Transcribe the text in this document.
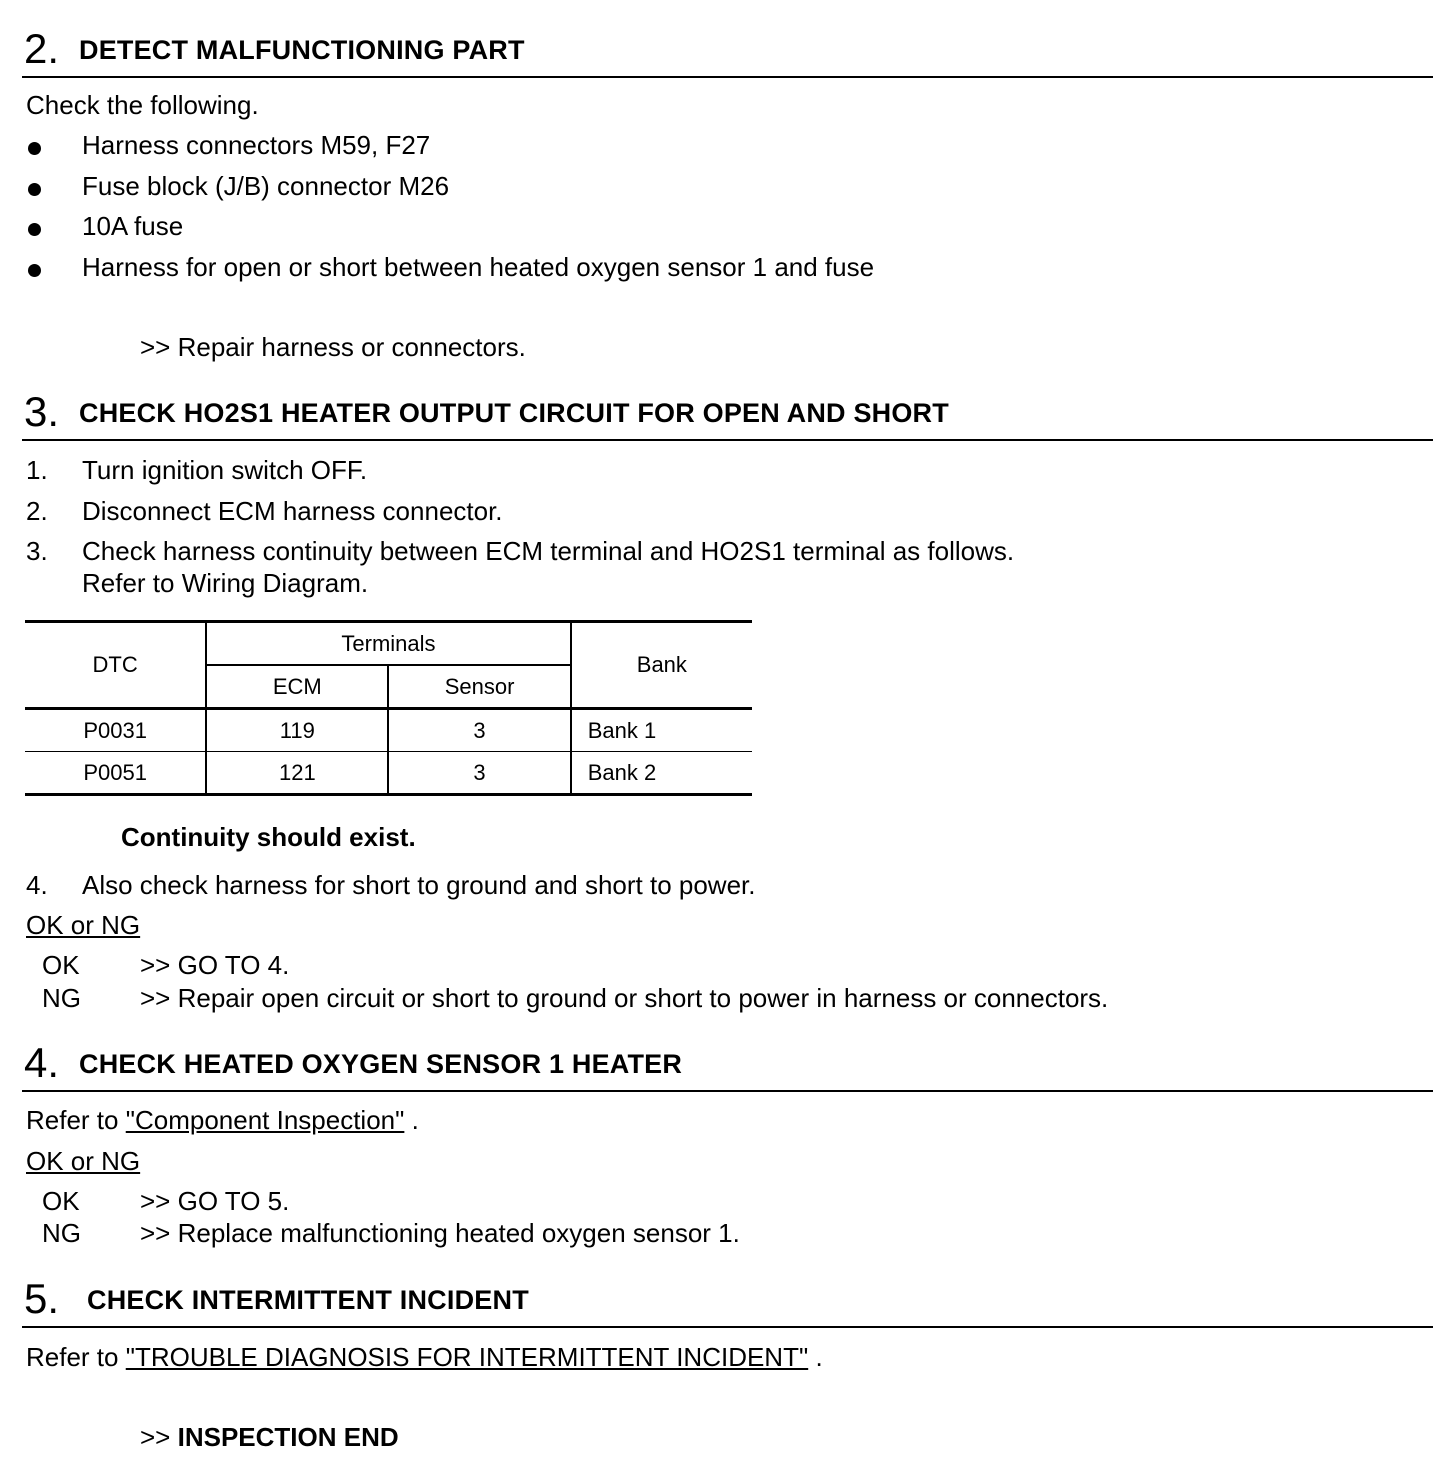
2. DETECT MALFUNCTIONING PART
Check the following.
Harness connectors M59, F27
Fuse block (J/B) connector M26
10A fuse
Harness for open or short between heated oxygen sensor 1 and fuse
>> Repair harness or connectors.
3. CHECK HO2S1 HEATER OUTPUT CIRCUIT FOR OPEN AND SHORT
1. Turn ignition switch OFF.
2. Disconnect ECM harness connector.
3. Check harness continuity between ECM terminal and HO2S1 terminal as follows.
Refer to Wiring Diagram.
DTC	Terminals		Bank
	ECM	Sensor	
P0031	119	3	Bank 1
P0051	121	3	Bank 2
Continuity should exist.
4. Also check harness for short to ground and short to power.
OK or NG
OK >> GO TO 4.
NG >> Repair open circuit or short to ground or short to power in harness or connectors.
4. CHECK HEATED OXYGEN SENSOR 1 HEATER
Refer to "Component Inspection" .
OK or NG
OK >> GO TO 5.
NG >> Replace malfunctioning heated oxygen sensor 1.
5. CHECK INTERMITTENT INCIDENT
Refer to "TROUBLE DIAGNOSIS FOR INTERMITTENT INCIDENT" .
>> INSPECTION END
